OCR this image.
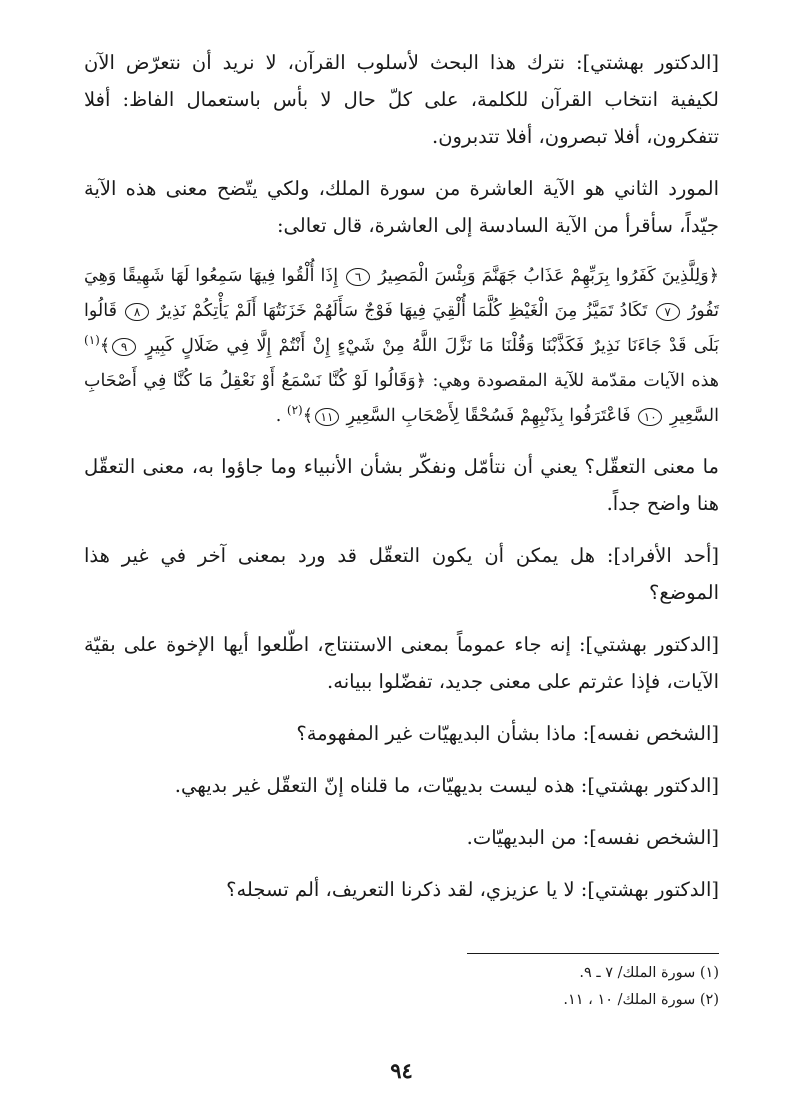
[الدكتور بهشتي]: نترك هذا البحث لأسلوب القرآن، لا نريد أن نتعرّض الآن لكيفية انتخاب القرآن للكلمة، على كلّ حال لا بأس باستعمال الفاظ: أفلا تتفكرون، أفلا تبصرون، أفلا تتدبرون.

المورد الثاني هو الآية العاشرة من سورة الملك، ولكي يتّضح معنى هذه الآية جيّداً، سأقرأ من الآية السادسة إلى العاشرة، قال تعالى:

﴿وَلِلَّذِينَ كَفَرُوا بِرَبِّهِمْ عَذَابُ جَهَنَّمَ وَبِئْسَ الْمَصِيرُ ٦ إِذَا أُلْقُوا فِيهَا سَمِعُوا لَهَا شَهِيقًا وَهِيَ تَفُورُ ٧ تَكَادُ تَمَيَّزُ مِنَ الْغَيْظِ كُلَّمَا أُلْقِيَ فِيهَا فَوْجٌ سَأَلَهُمْ خَزَنَتُهَا أَلَمْ يَأْتِكُمْ نَذِيرٌ ٨ قَالُوا بَلَى قَدْ جَاءَنَا نَذِيرٌ فَكَذَّبْنَا وَقُلْنَا مَا نَزَّلَ اللَّهُ مِنْ شَيْءٍ إِنْ أَنْتُمْ إِلَّا فِي ضَلَالٍ كَبِيرٍ ٩﴾$^{(١)}$ هذه الآيات مقدّمة للآية المقصودة وهي: ﴿وَقَالُوا لَوْ كُنَّا نَسْمَعُ أَوْ نَعْقِلُ مَا كُنَّا فِي أَصْحَابِ السَّعِيرِ ١٠ فَاعْتَرَفُوا بِذَنْبِهِمْ فَسُحْقًا لِأَصْحَابِ السَّعِيرِ ١١﴾$^{(٢)}$ .

ما معنى التعقّل؟ يعني أن نتأمّل ونفكّر بشأن الأنبياء وما جاؤوا به، معنى التعقّل هنا واضح جداً.

[أحد الأفراد]: هل يمكن أن يكون التعقّل قد ورد بمعنى آخر في غير هذا الموضع؟

[الدكتور بهشتي]: إنه جاء عموماً بمعنى الاستنتاج، اطّلعوا أيها الإخوة على بقيّة الآيات، فإذا عثرتم على معنى جديد، تفضّلوا ببيانه.

[الشخص نفسه]: ماذا بشأن البديهيّات غير المفهومة؟

[الدكتور بهشتي]: هذه ليست بديهيّات، ما قلناه إنّ التعقّل غير بديهي.

[الشخص نفسه]: من البديهيّات.

[الدكتور بهشتي]: لا يا عزيزي، لقد ذكرنا التعريف، ألم تسجله؟

(١) سورة الملك/ ٧ ـ ٩.
(٢) سورة الملك/ ١٠ ، ١١.
٩٤
